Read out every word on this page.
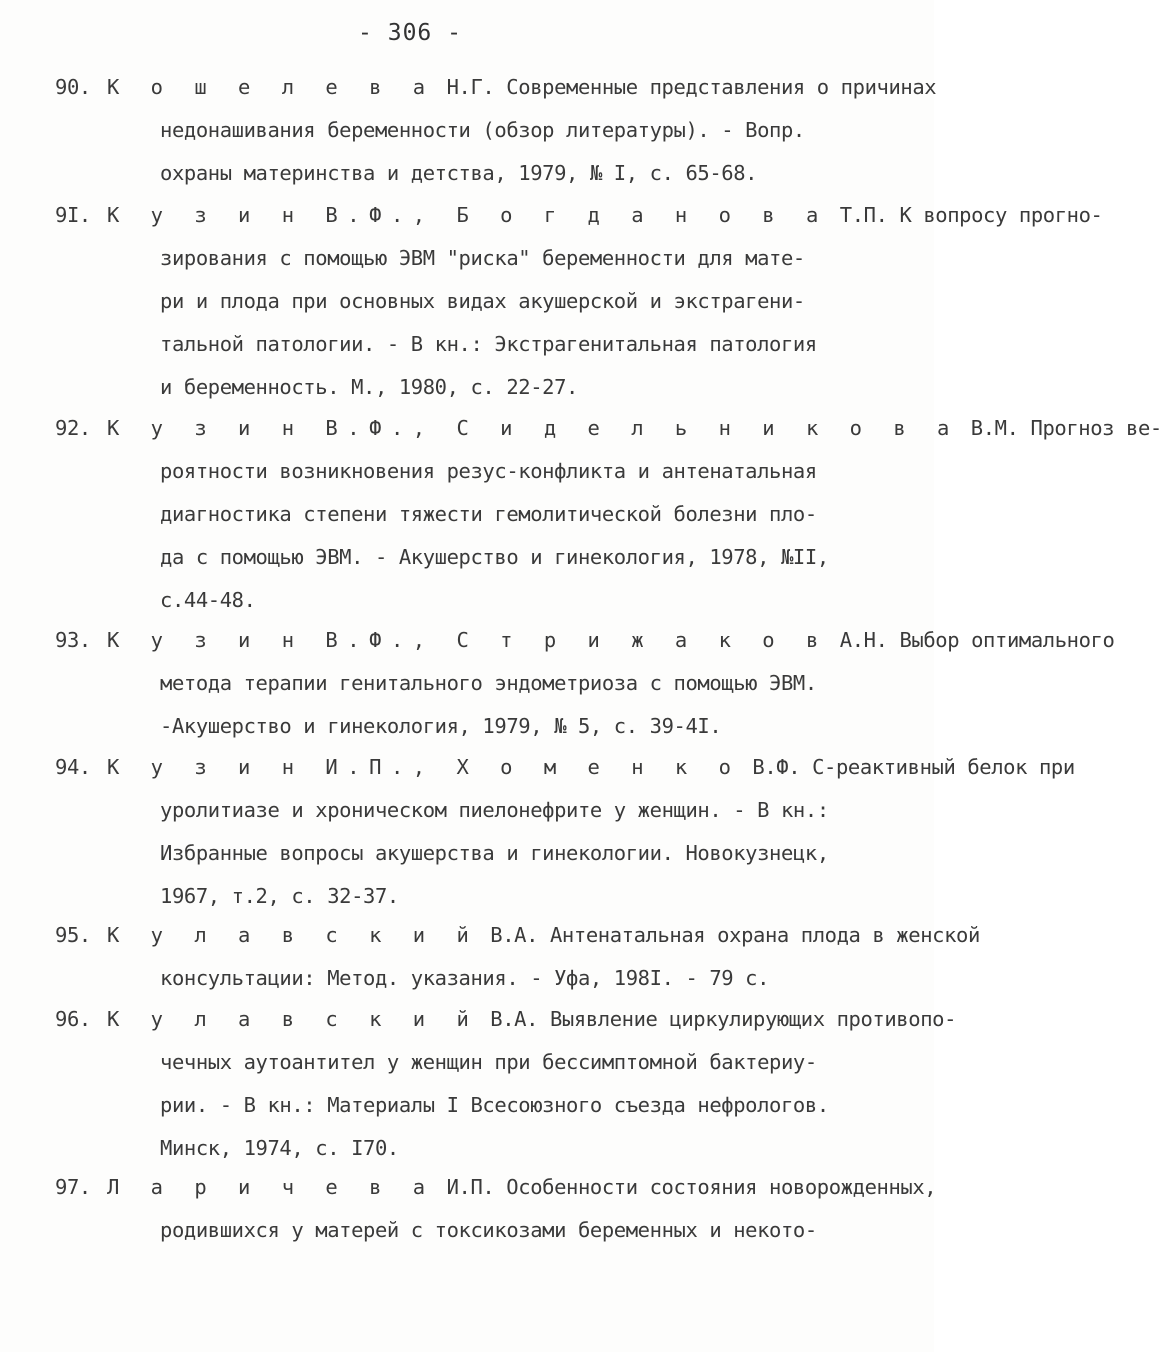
- 306 -
90. К о ш е л е в а Н.Г. Современные представления о причинах
недонашивания беременности (обзор литературы). - Вопр.
охраны материнства и детства, 1979, № I, с. 65-68.
9I. К у з и н В.Ф., Б о г д а н о в а Т.П. К вопросу прогно-
зирования с помощью ЭВМ "риска" беременности для мате-
ри и плода при основных видах акушерской и экстрагени-
тальной патологии. - В кн.: Экстрагенитальная патология
и беременность. М., 1980, с. 22-27.
92. К у з и н В.Ф., С и д е л ь н и к о в а В.М. Прогноз ве-
роятности возникновения резус-конфликта и антенатальная
диагностика степени тяжести гемолитической болезни пло-
да с помощью ЭВМ. - Акушерство и гинекология, 1978, №II,
с.44-48.
93. К у з и н В.Ф., С т р и ж а к о в А.Н. Выбор оптимального
метода терапии генитального эндометриоза с помощью ЭВМ.
-Акушерство и гинекология, 1979, № 5, с. 39-4I.
94. К у з и н И.П., Х о м е н к о В.Ф. С-реактивный белок при
уролитиазе и хроническом пиелонефрите у женщин. - В кн.:
Избранные вопросы акушерства и гинекологии. Новокузнецк,
1967, т.2, с. 32-37.
95. К у л а в с к и й В.А. Антенатальная охрана плода в женской
консультации: Метод. указания. - Уфа, 198I. - 79 с.
96. К у л а в с к и й В.А. Выявление циркулирующих противопо-
чечных аутоантител у женщин при бессимптомной бактериу-
рии. - В кн.: Материалы I Всесоюзного съезда нефрологов.
Минск, 1974, с. I70.
97. Л а р и ч е в а И.П. Особенности состояния новорожденных,
родившихся у матерей с токсикозами беременных и некото-
